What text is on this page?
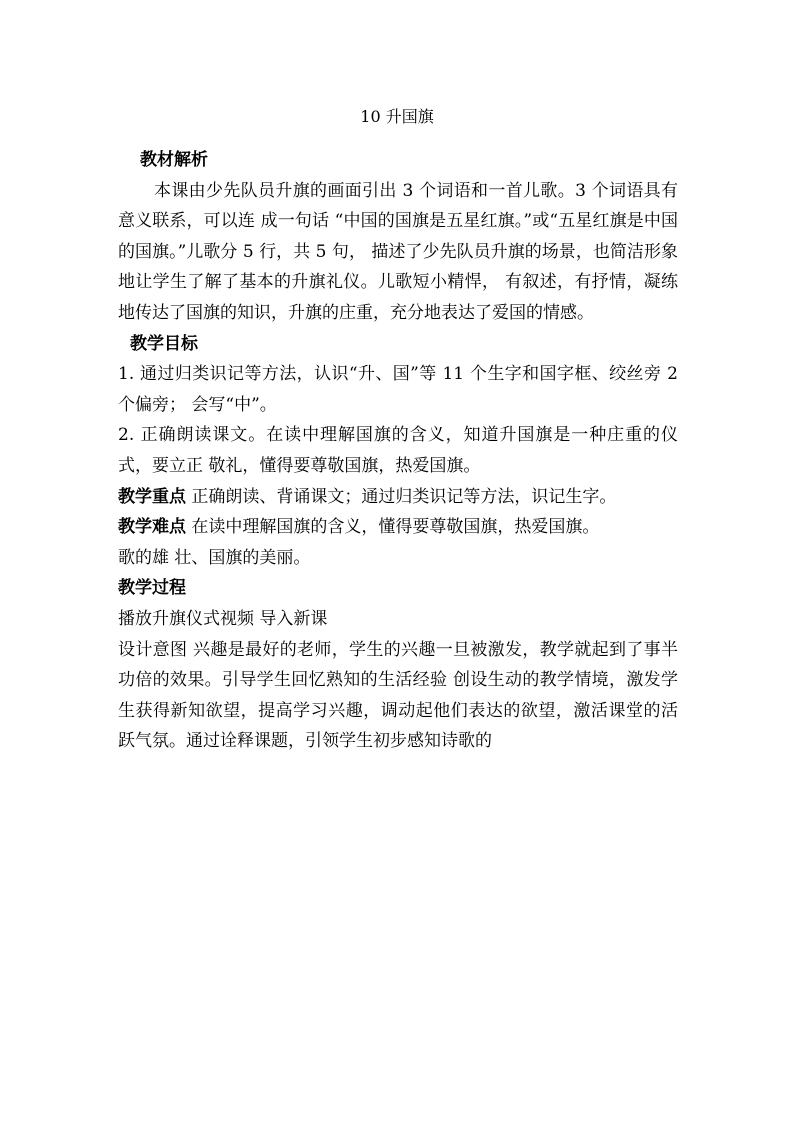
10 升国旗

教材解析

本课由少先队员升旗的画面引出 3 个词语和一首儿歌。3 个词语具有意义联系，可以连 成一句话 “中国的国旗是五星红旗。”或“五星红旗是中国的国旗。”儿歌分 5 行，共 5 句， 描述了少先队员升旗的场景，也简洁形象地让学生了解了基本的升旗礼仪。儿歌短小精悍， 有叙述，有抒情，凝练地传达了国旗的知识，升旗的庄重，充分地表达了爱国的情感。

教学目标

1. 通过归类识记等方法，认识“升、国”等 11 个生字和国字框、绞丝旁 2 个偏旁； 会写“中”。

2. 正确朗读课文。在读中理解国旗的含义，知道升国旗是一种庄重的仪式，要立正 敬礼，懂得要尊敬国旗，热爱国旗。

教学重点 正确朗读、背诵课文；通过归类识记等方法，识记生字。

教学难点 在读中理解国旗的含义，懂得要尊敬国旗，热爱国旗。

歌的雄 壮、国旗的美丽。

教学过程

播放升旗仪式视频 导入新课

设计意图 兴趣是最好的老师，学生的兴趣一旦被激发，教学就起到了事半功倍的效果。引导学生回忆熟知的生活经验 创设生动的教学情境，激发学生获得新知欲望，提高学习兴趣，调动起他们表达的欲望，激活课堂的活跃气氛。通过诠释课题，引领学生初步感知诗歌的
